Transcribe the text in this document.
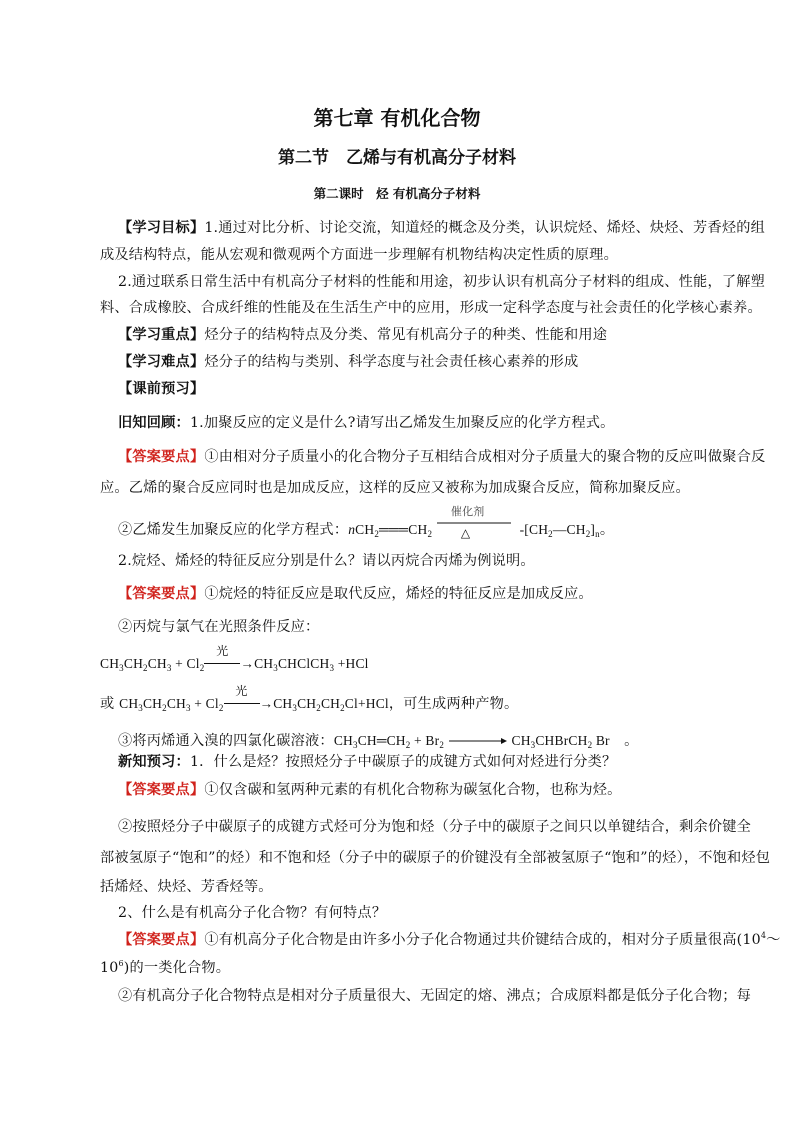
第七章 有机化合物
第二节　乙烯与有机高分子材料
第二课时　烃 有机高分子材料
【学习目标】1.通过对比分析、讨论交流，知道烃的概念及分类，认识烷烃、烯烃、炔烃、芳香烃的组
成及结构特点，能从宏观和微观两个方面进一步理解有机物结构决定性质的原理。
2.通过联系日常生活中有机高分子材料的性能和用途，初步认识有机高分子材料的组成、性能，了解塑
料、合成橡胶、合成纤维的性能及在生活生产中的应用，形成一定科学态度与社会责任的化学核心素养。
【学习重点】烃分子的结构特点及分类、常见有机高分子的种类、性能和用途
【学习难点】烃分子的结构与类别、科学态度与社会责任核心素养的形成
【课前预习】
旧知回顾：1.加聚反应的定义是什么?请写出乙烯发生加聚反应的化学方程式。
【答案要点】①由相对分子质量小的化合物分子互相结合成相对分子质量大的聚合物的反应叫做聚合反
应。乙烯的聚合反应同时也是加成反应，这样的反应又被称为加成聚合反应，简称加聚反应。
②乙烯发生加聚反应的化学方程式：$nCH_2═══CH_2$
催化剂
△	$-[CH_2—CH_2]_n$。
2.烷烃、烯烃的特征反应分别是什么？请以丙烷合丙烯为例说明。
【答案要点】①烷烃的特征反应是取代反应，烯烃的特征反应是加成反应。
②丙烷与氯气在光照条件反应：
$CH_3CH_2CH_3 + Cl_2$
光
$\to CH_3CHClCH_3 +HCl$
或 $CH_3CH_2CH_3 + Cl_2$
光
$\to CH_3CH_2CH_2Cl+HCl$，可生成两种产物。
③将丙烯通入溴的四氯化碳溶液：$CH_3CH═CH_2 + Br_2$	$CH_3CHBrCH_2$ Br　。
新知预习：1．什么是烃？按照烃分子中碳原子的成键方式如何对烃进行分类？
【答案要点】①仅含碳和氢两种元素的有机化合物称为碳氢化合物，也称为烃。
②按照烃分子中碳原子的成键方式烃可分为饱和烃（分子中的碳原子之间只以单键结合，剩余价键全
部被氢原子“饱和”的烃）和不饱和烃（分子中的碳原子的价键没有全部被氢原子“饱和”的烃），不饱和烃包
括烯烃、炔烃、芳香烃等。
2、什么是有机高分子化合物？有何特点？
【答案要点】①有机高分子化合物是由许多小分子化合物通过共价键结合成的，相对分子质量很高($10^4\sim$
$10^6$)的一类化合物。
②有机高分子化合物特点是相对分子质量很大、无固定的熔、沸点；合成原料都是低分子化合物；每
